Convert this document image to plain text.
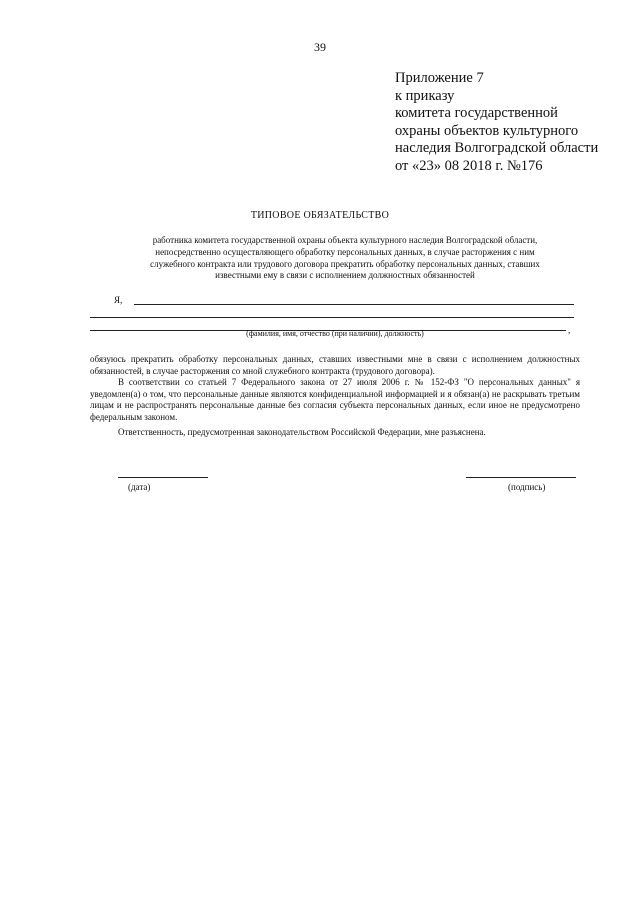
39
Приложение 7
к приказу
комитета государственной
охраны объектов культурного
наследия Волгоградской области
от «23» 08 2018 г. №176
ТИПОВОЕ ОБЯЗАТЕЛЬСТВО
работника комитета государственной охраны объекта культурного наследия Волгоградской области,
непосредственно осуществляющего обработку персональных данных, в случае расторжения с ним
служебного контракта или трудового договора прекратить обработку персональных данных, ставших
известными ему в связи с исполнением должностных обязанностей
Я,
,
(фамилия, имя, отчество (при наличии), должность)

обязуюсь прекратить обработку персональных данных, ставших известными мне в связи с исполнением должностных обязанностей, в случае расторжения со мной служебного контракта (трудового договора).

В соответствии со статьей 7 Федерального закона от 27 июля 2006 г. № 152-ФЗ "О персональных данных" я уведомлен(а) о том, что персональные данные являются конфиденциальной информацией и я обязан(а) не раскрывать третьим лицам и не распространять персональные данные без согласия субъекта персональных данных, если иное не предусмотрено федеральным законом.

Ответственность, предусмотренная законодательством Российской Федерации, мне разъяснена.

(дата)	(подпись)
